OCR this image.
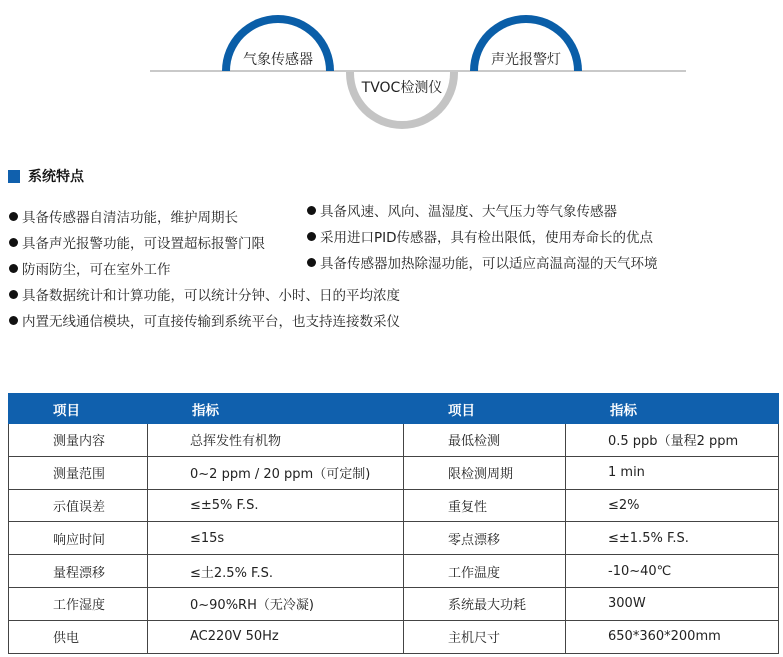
气象传感器
TVOC检测仪
声光报警灯
系统特点
具备传感器自清洁功能，维护周期长
具备声光报警功能，可设置超标报警门限
防雨防尘，可在室外工作
具备数据统计和计算功能，可以统计分钟、小时、日的平均浓度
内置无线通信模块，可直接传输到系统平台，也支持连接数采仪
具备风速、风向、温湿度、大气压力等气象传感器
采用进口PID传感器，具有检出限低，使用寿命长的优点
具备传感器加热除湿功能，可以适应高温高湿的天气环境
项目	指标	项目	指标
测量内容	总挥发性有机物	最低检测	0.5 ppb（量程2 ppm
测量范围	0~2 ppm / 20 ppm（可定制)	限检测周期	1 min
示值误差	≤±5% F.S.	重复性	≤2%
响应时间	≤15s	零点漂移	≤±1.5% F.S.
量程漂移	≤土2.5% F.S.	工作温度	-10~40℃
工作湿度	0~90%RH（无冷凝)	系统最大功耗	300W
供电	AC220V 50Hz	主机尺寸	650*360*200mm
